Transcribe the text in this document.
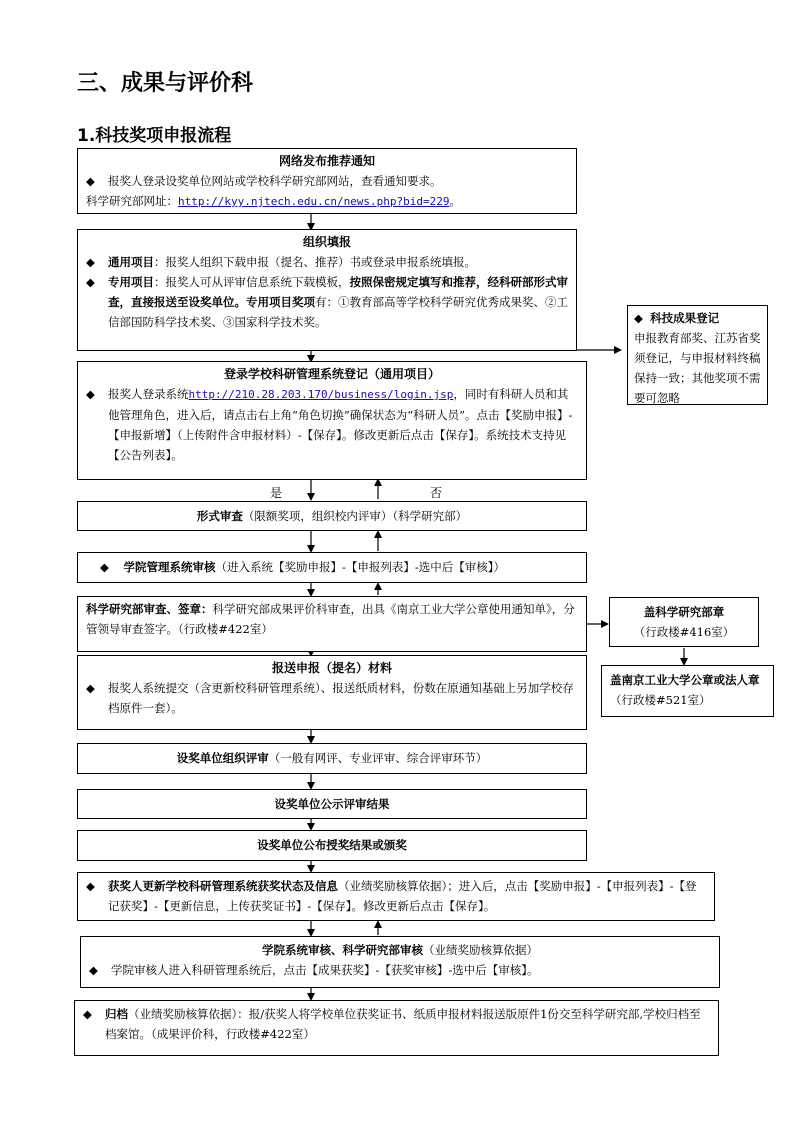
三、成果与评价科
1.科技奖项申报流程
网络发布推荐通知
◆	报奖人登录设奖单位网站或学校科学研究部网站，查看通知要求。
科学研究部网址：http://kyy.njtech.edu.cn/news.php?bid=229。
组织填报
◆	通用项目：报奖人组织下载申报（提名、推荐）书或登录申报系统填报。
◆	专用项目：报奖人可从评审信息系统下载模板，按照保密规定填写和推荐，经科研部形式审查，直接报送至设奖单位。专用项目奖项有：①教育部高等学校科学研究优秀成果奖、②工信部国防科学技术奖、③国家科学技术奖。	◆ 科技成果登记
申报教育部奖、江苏省奖须登记，与申报材料终稿保持一致；其他奖项不需要可忽略
登录学校科研管理系统登记（通用项目）
◆	报奖人登录系统http://210.28.203.170/business/login.jsp，同时有科研人员和其他管理角色，进入后，请点击右上角“角色切换”确保状态为“科研人员”。点击【奖励申报】-【申报新增】（上传附件含申报材料）-【保存】。修改更新后点击【保存】。系统技术支持见【公告列表】。
是	否
形式审查（限额奖项，组织校内评审）（科学研究部）
◆ 学院管理系统审核（进入系统【奖励申报】-【申报列表】-选中后【审核】）
科学研究部审查、签章：科学研究部成果评价科审查，出具《南京工业大学公章使用通知单》，分管领导审查签字。（行政楼#422室）
盖科学研究部章
（行政楼#416室）
盖南京工业大学公章或法人章（行政楼#521室）
报送申报（提名）材料
◆	报奖人系统提交（含更新校科研管理系统）、报送纸质材料，份数在原通知基础上另加学校存档原件一套）。
设奖单位组织评审（一般有网评、专业评审、综合评审环节）
设奖单位公示评审结果
设奖单位公布授奖结果或颁奖
◆	获奖人更新学校科研管理系统获奖状态及信息（业绩奖励核算依据）；进入后，点击【奖励申报】-【申报列表】-【登记获奖】-【更新信息，上传获奖证书】-【保存】。修改更新后点击【保存】。
学院系统审核、科学研究部审核（业绩奖励核算依据）
◆	学院审核人进入科研管理系统后，点击【成果获奖】-【获奖审核】-选中后【审核】。
◆	归档（业绩奖励核算依据）：报/获奖人将学校单位获奖证书、纸质申报材料报送版原件1份交至科学研究部,学校归档至档案馆。（成果评价科，行政楼#422室）
